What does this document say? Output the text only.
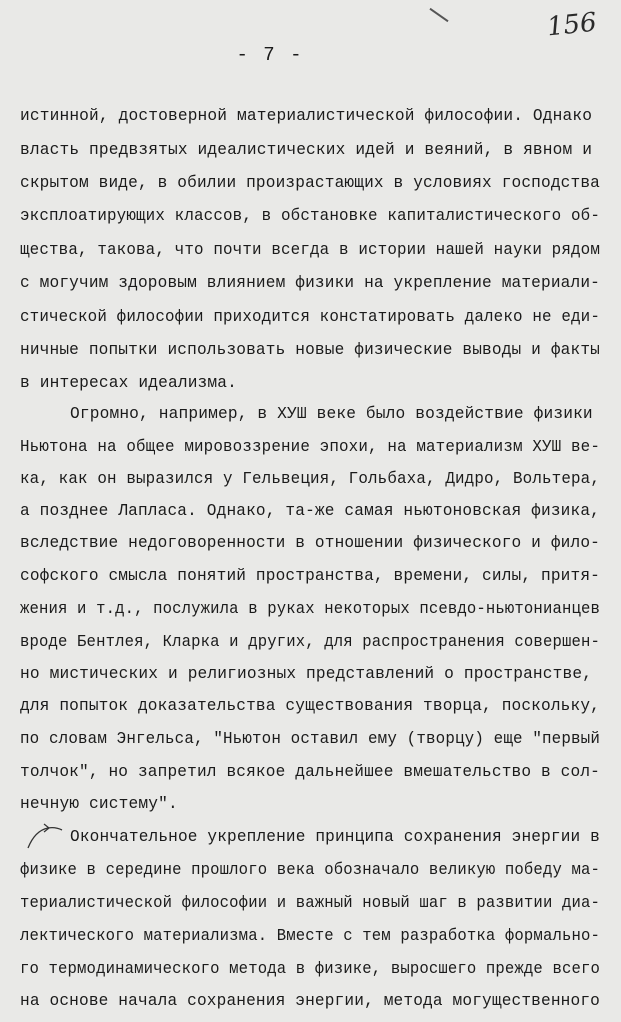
156
- 7 -
истинной, достоверной материалистической философии. Однако
власть предвзятых идеалистических идей и веяний, в явном и
скрытом виде, в обилии произрастающих в условиях господства
эксплоатирующих классов, в обстановке капиталистического об-
щества, такова, что почти всегда в истории нашей науки рядом
с могучим здоровым влиянием физики на укрепление материали-
стической философии приходится констатировать далеко не еди-
ничные попытки использовать новые физические выводы и факты
в интересах идеализма.
Огромно, например, в ХУШ веке было воздействие физики
Ньютона на общее мировоззрение эпохи, на материализм ХУШ ве-
ка, как он выразился у Гельвеция, Гольбаха, Дидро, Вольтера,
а позднее Лапласа. Однако, та-же самая ньютоновская физика,
вследствие недоговоренности в отношении физического и фило-
софского смысла понятий пространства, времени, силы, притя-
жения и т.д., послужила в руках некоторых псевдо-ньютонианцев
вроде Бентлея, Кларка и других, для распространения совершен-
но мистических и религиозных представлений о пространстве,
для попыток доказательства существования творца, поскольку,
по словам Энгельса, "Ньютон оставил ему (творцу) еще "первый
толчок", но запретил всякое дальнейшее вмешательство в сол-
нечную систему".
Окончательное укрепление принципа сохранения энергии в
физике в середине прошлого века обозначало великую победу ма-
териалистической философии и важный новый шаг в развитии диа-
лектического материализма. Вместе с тем разработка формально-
го термодинамического метода в физике, выросшего прежде всего
на основе начала сохранения энергии, метода могущественного
